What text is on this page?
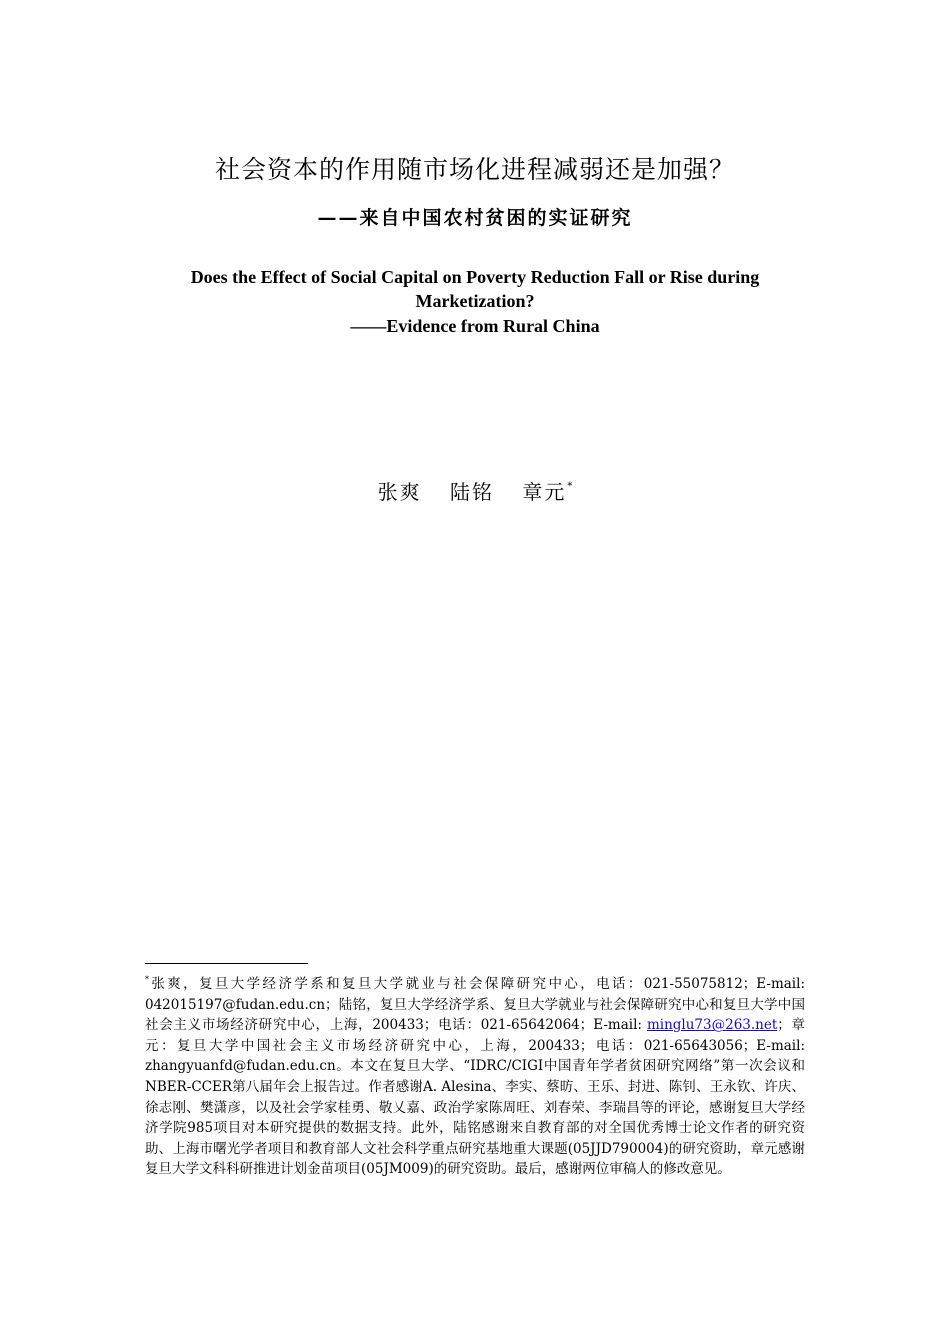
社会资本的作用随市场化进程减弱还是加强？
——来自中国农村贫困的实证研究
Does the Effect of Social Capital on Poverty Reduction Fall or Rise during Marketization?
——Evidence from Rural China
张爽 陆铭 章元*

*张爽，复旦大学经济学系和复旦大学就业与社会保障研究中心，电话：021-55075812；E-mail: 042015197@fudan.edu.cn；陆铭，复旦大学经济学系、复旦大学就业与社会保障研究中心和复旦大学中国社会主义市场经济研究中心，上海，200433；电话：021-65642064；E-mail: minglu73@263.net；章元：复旦大学中国社会主义市场经济研究中心，上海，200433；电话：021-65643056；E-mail: zhangyuanfd@fudan.edu.cn。本文在复旦大学、“IDRC/CIGI中国青年学者贫困研究网络”第一次会议和NBER-CCER第八届年会上报告过。作者感谢A. Alesina、李实、蔡昉、王乐、封进、陈钊、王永钦、许庆、徐志刚、樊潇彦，以及社会学家桂勇、敬乂嘉、政治学家陈周旺、刘春荣、李瑞昌等的评论，感谢复旦大学经济学院985项目对本研究提供的数据支持。此外，陆铭感谢来自教育部的对全国优秀博士论文作者的研究资助、上海市曙光学者项目和教育部人文社会科学重点研究基地重大课题(05JJD790004)的研究资助，章元感谢复旦大学文科科研推进计划金苗项目(05JM009)的研究资助。最后，感谢两位审稿人的修改意见。
